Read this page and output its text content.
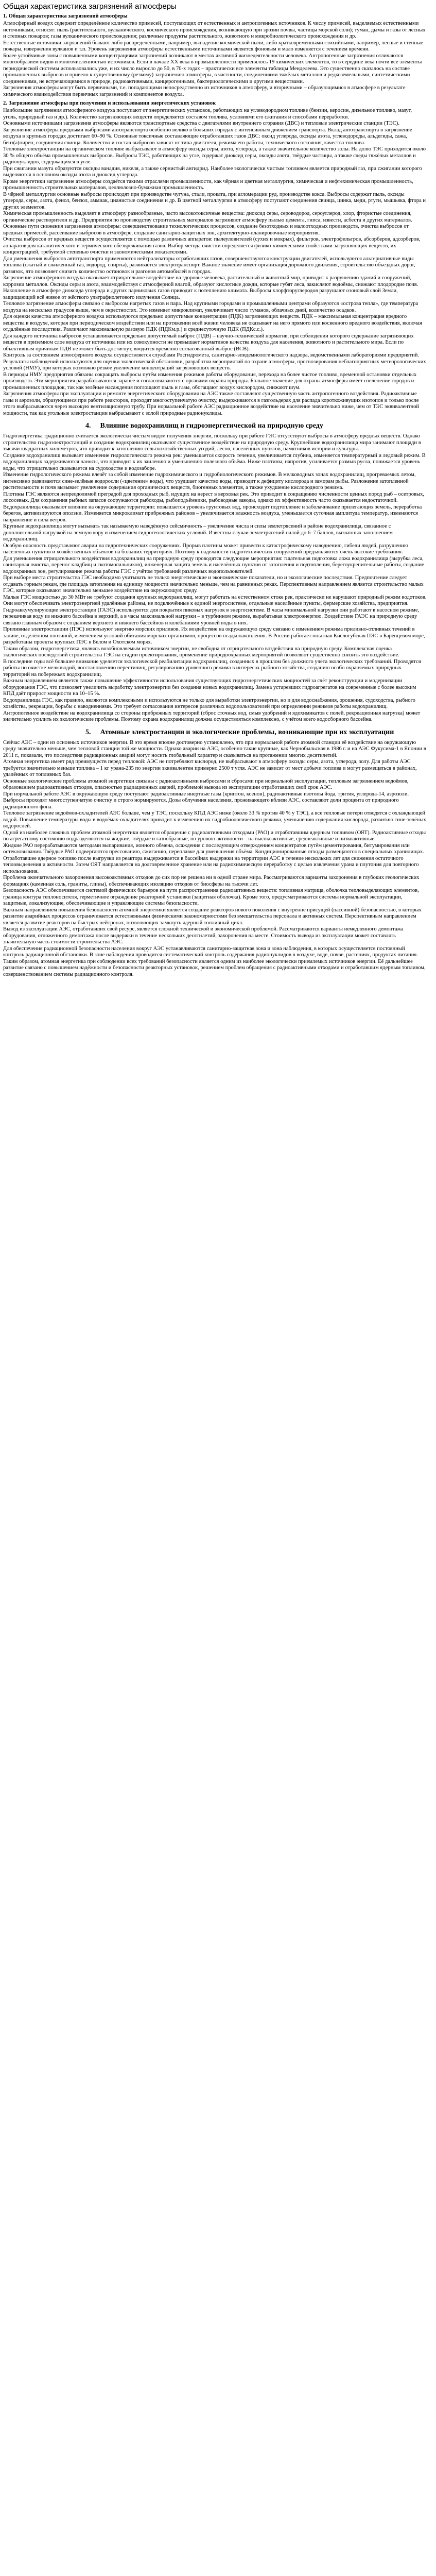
Общая характеристика загрязнений атмосферы
1. Общая характеристика загрязнений атмосферы

Атмосферный воздух содержит определённое количество примесей, поступающих от естественных и антропогенных источников. К числу примесей, выделяемых естественными источниками, относят: пыль (растительного, вулканического, космического происхождения, возникающую при эрозии почвы, частицы морской соли); туман, дымы и газы от лесных и степных пожаров; газы вулканического происхождения; различные продукты растительного, животного и микробиологического происхождения и др.

Естественные источники загрязнений бывают либо распределёнными, например, выпадение космической пыли, либо кратковременными стихийными, например, лесные и степные пожары, извержения вулканов и т.п. Уровень загрязнения атмосферы естественными источниками является фоновым и мало изменяется с течением времени.

Более устойчивые зоны с повышенными концентрациями загрязнений возникают в местах активной жизнедеятельности человека. Антропогенные загрязнения отличаются многообразием видов и многочисленностью источников. Если в начале XX века в промышленности применялось 19 химических элементов, то в середине века почти все элементы периодической системы использовались уже, и их число выросло до 50, в 70-х годах – практически все элементы таблицы Менделеева. Это существенно сказалось на составе промышленных выбросов и привело к существенному (резкому) загрязнению атмосферы, в частности, соединениями тяжёлых металлов и редкоземельными, синтетическими соединениями, не встречающимися в природе, радиоактивными, канцерогенными, бактериологическими и другими веществами.

Загрязнения атмосферы могут быть первичными, т.е. попадающими непосредственно из источников в атмосферу, и вторичными – образующимися в атмосфере в результате химического взаимодействия первичных загрязнений и компонентов воздуха.

2. Загрязнение атмосферы при получении и использовании энергетических установок

Наибольшие загрязнения атмосферного воздуха поступают от энергетических установок, работающих на углеводородном топливе (бензин, керосин, дизельное топливо, мазут, уголь, природный газ и др.). Количество загрязняющих веществ определяется составом топлива, условиями его сжигания и способами переработки.

Основными источниками загрязнения атмосферы являются транспортные средства с двигателями внутреннего сгорания (ДВС) и тепловые электрические станции (ТЭС). Загрязнение атмосферы вредными выбросами автотранспорта особенно велико в больших городах с интенсивным движением транспорта. Вклад автотранспорта в загрязнение воздуха в крупных городах достигает 60–90 %. Основные токсичные составляющие отработавших газов ДВС: оксид углерода, оксиды азота, углеводороды, альдегиды, сажа, бенз(а)пирен, соединения свинца. Количество и состав выбросов зависят от типа двигателя, режима его работы, технического состояния, качества топлива.

Тепловые электростанции на органическом топливе выбрасывают в атмосферу оксиды серы, азота, углерода, а также значительное количество золы. На долю ТЭС приходится около 30 % общего объёма промышленных выбросов. Выбросы ТЭС, работающих на угле, содержат диоксид серы, оксиды азота, твёрдые частицы, а также следы тяжёлых металлов и радионуклидов, содержащихся в угле.

При сжигании мазута образуются оксиды ванадия, никеля, а также сернистый ангидрид. Наиболее экологически чистым топливом является природный газ, при сжигании которого выделяются в основном оксиды азота и диоксид углерода.

Кроме энергетики загрязнение атмосферы создаётся такими отраслями промышленности, как чёрная и цветная металлургия, химическая и нефтехимическая промышленность, промышленность строительных материалов, целлюлозно-бумажная промышленность.

В чёрной металлургии основные выбросы происходят при производстве чугуна, стали, проката, при агломерации руд, производстве кокса. Выбросы содержат пыль, оксиды углерода, серы, азота, фенол, бензол, аммиак, цианистые соединения и др. В цветной металлургии в атмосферу поступают соединения свинца, цинка, меди, ртути, мышьяка, фтора и других элементов.

Химическая промышленность выделяет в атмосферу разнообразные, часто высокотоксичные вещества: диоксид серы, сероводород, сероуглерод, хлор, фтористые соединения, органические растворители и др. Предприятия по производству строительных материалов загрязняют атмосферу пылью цемента, гипса, извести, асбеста и других материалов.

Основные пути снижения загрязнения атмосферы: совершенствование технологических процессов, создание безотходных и малоотходных производств, очистка выбросов от вредных примесей, рассеивание выбросов в атмосфере, создание санитарно-защитных зон, архитектурно-планировочные мероприятия.

Очистка выбросов от вредных веществ осуществляется с помощью различных аппаратов: пылеуловителей (сухих и мокрых), фильтров, электрофильтров, абсорберов, адсорберов, аппаратов для каталитического и термического обезвреживания газов. Выбор метода очистки определяется физико-химическими свойствами загрязняющих веществ, их концентрацией, требуемой степенью очистки и экономическими показателями.

Для уменьшения выбросов автотранспорта применяются нейтрализаторы отработавших газов, совершенствуются конструкции двигателей, используются альтернативные виды топлива (сжатый и сжиженный газ, водород, спирты), развивается электротранспорт. Важное значение имеет организация дорожного движения, строительство объездных дорог, развязок, что позволяет снизить количество остановок и разгонов автомобилей в городах.

Загрязнение атмосферного воздуха оказывает отрицательное воздействие на здоровье человека, растительный и животный мир, приводит к разрушению зданий и сооружений, коррозии металлов. Оксиды серы и азота, взаимодействуя с атмосферной влагой, образуют кислотные дожди, которые губят леса, закисляют водоёмы, снижают плодородие почв. Накопление в атмосфере диоксида углерода и других парниковых газов приводит к потеплению климата. Выбросы хлорфторуглеродов разрушают озоновый слой Земли, защищающий всё живое от жёсткого ультрафиолетового излучения Солнца.

Тепловое загрязнение атмосферы связано с выбросом нагретых газов и пара. Над крупными городами и промышленными центрами образуются «острова тепла», где температура воздуха на несколько градусов выше, чем в окрестностях. Это изменяет микроклимат, увеличивает число туманов, облачных дней, количество осадков.

Для оценки качества атмосферного воздуха используются предельно допустимые концентрации (ПДК) загрязняющих веществ. ПДК – максимальная концентрация вредного вещества в воздухе, которая при периодическом воздействии или на протяжении всей жизни человека не оказывает на него прямого или косвенного вредного воздействия, включая отдалённые последствия. Различают максимальную разовую ПДК (ПДКм.р.) и среднесуточную ПДК (ПДКс.с.).

Для каждого источника выбросов устанавливается предельно допустимый выброс (ПДВ) – научно-технический норматив, при соблюдении которого содержание загрязняющих веществ в приземном слое воздуха от источника или их совокупности не превышает нормативов качества воздуха для населения, животного и растительного мира. Если по объективным причинам ПДВ не может быть достигнут, вводится временно согласованный выброс (ВСВ).

Контроль за состоянием атмосферного воздуха осуществляется службами Росгидромета, санитарно-эпидемиологического надзора, ведомственными лабораториями предприятий. Результаты наблюдений используются для оценки экологической обстановки, разработки мероприятий по охране атмосферы, прогнозирования неблагоприятных метеорологических условий (НМУ), при которых возможно резкое увеличение концентраций загрязняющих веществ.

В периоды НМУ предприятия обязаны сокращать выбросы путём изменения режимов работы оборудования, перехода на более чистое топливо, временной остановки отдельных производств. Эти мероприятия разрабатываются заранее и согласовываются с органами охраны природы. Большое значение для охраны атмосферы имеет озеленение городов и промышленных площадок, так как зелёные насаждения поглощают пыль и газы, обогащают воздух кислородом, снижают шум.

Загрязнения атмосферы при эксплуатации и ремонте энергетического оборудования на АЭС также составляют существенную часть антропогенного воздействия. Радиоактивные газы и аэрозоли, образующиеся при работе реакторов, проходят многоступенчатую очистку, выдерживаются в газгольдерах для распада короткоживущих изотопов и только после этого выбрасываются через высокую вентиляционную трубу. При нормальной работе АЭС радиационное воздействие на население значительно ниже, чем от ТЭС эквивалентной мощности, так как угольные электростанции выбрасывают с золой природные радионуклиды.

4. Влияние водохранилищ и гидроэнергетической на природную среду

Гидроэнергетика традиционно считается экологически чистым видом получения энергии, поскольку при работе ГЭС отсутствуют выбросы в атмосферу вредных веществ. Однако строительство гидроэлектростанций и создание водохранилищ оказывают существенное воздействие на природную среду. Крупнейшие водохранилища мира занимают площади в тысячи квадратных километров, что приводит к затоплению сельскохозяйственных угодий, лесов, населённых пунктов, памятников истории и культуры.

Создание водохранилищ вызывает изменение гидрологического режима рек: уменьшается скорость течения, увеличивается глубина, изменяется температурный и ледовый режим. В водохранилищах задерживаются наносы, что приводит к их заилению и уменьшению полезного объёма. Ниже плотины, напротив, усиливается размыв русла, понижается уровень воды, что отрицательно сказывается на судоходстве и водозаборе.

Изменение гидрологического режима влечёт за собой изменение гидрохимического и гидробиологического режимов. В мелководных зонах водохранилищ, прогреваемых летом, интенсивно развиваются сине-зелёные водоросли («цветение» воды), что ухудшает качество воды, приводит к дефициту кислорода и заморам рыбы. Разложение затопленной растительности и почв вызывает увеличение содержания органических веществ, биогенных элементов, а также ухудшение кислородного режима.

Плотины ГЭС являются непреодолимой преградой для проходных рыб, идущих на нерест в верховья рек. Это приводит к сокращению численности ценных пород рыб – осетровых, лососевых. Для сохранения рыбных запасов сооружаются рыбоходы, рыбоподъёмники, рыбоводные заводы, однако их эффективность часто оказывается недостаточной.

Водохранилища оказывают влияние на окружающие территории: повышается уровень грунтовых вод, происходит подтопление и заболачивание прилегающих земель, переработка берегов, активизируются оползни. Изменяется микроклимат прибрежных районов – увеличивается влажность воздуха, уменьшается суточная амплитуда температур, изменяются направление и сила ветров.

Крупные водохранилища могут вызывать так называемую наведённую сейсмичность – увеличение числа и силы землетрясений в районе водохранилища, связанное с дополнительной нагрузкой на земную кору и изменением гидрогеологических условий. Известны случаи землетрясений силой до 6–7 баллов, вызванных заполнением водохранилищ.

Особую опасность представляют аварии на гидротехнических сооружениях. Прорыв плотины может привести к катастрофическому наводнению, гибели людей, разрушению населённых пунктов и хозяйственных объектов на больших территориях. Поэтому к надёжности гидротехнических сооружений предъявляются очень высокие требования.

Для уменьшения отрицательного воздействия водохранилищ на природную среду проводятся следующие мероприятия: тщательная подготовка ложа водохранилища (вырубка леса, санитарная очистка, перенос кладбищ и скотомогильников), инженерная защита земель и населённых пунктов от затопления и подтопления, берегоукрепительные работы, создание водоохранных зон, регулирование режима работы ГЭС с учётом требований различных водопользователей.

При выборе места строительства ГЭС необходимо учитывать не только энергетические и экономические показатели, но и экологические последствия. Предпочтение следует отдавать горным рекам, где площадь затопления на единицу мощности значительно меньше, чем на равнинных реках. Перспективным направлением является строительство малых ГЭС, которые оказывают значительно меньшее воздействие на окружающую среду.

Малые ГЭС мощностью до 30 МВт не требуют создания крупных водохранилищ, могут работать на естественном стоке рек, практически не нарушают природный режим водотоков. Они могут обеспечивать электроэнергией удалённые районы, не подключённые к единой энергосистеме, отдельные населённые пункты, фермерские хозяйства, предприятия.

Гидроаккумулирующие электростанции (ГАЭС) используются для покрытия пиковых нагрузок в энергосистеме. В часы минимальной нагрузки они работают в насосном режиме, перекачивая воду из нижнего бассейна в верхний, а в часы максимальной нагрузки – в турбинном режиме, вырабатывая электроэнергию. Воздействие ГАЭС на природную среду связано главным образом с созданием верхнего и нижнего бассейнов и колебаниями уровней воды в них.

Приливные электростанции (ПЭС) используют энергию морских приливов. Их воздействие на окружающую среду связано с изменением режима приливно-отливных течений в заливе, отделённом плотиной, изменением условий обитания морских организмов, процессов осадконакопления. В России работает опытная Кислогубская ПЭС в Баренцевом море, разработаны проекты крупных ПЭС в Белом и Охотском морях.

Таким образом, гидроэнергетика, являясь возобновляемым источником энергии, не свободна от отрицательного воздействия на природную среду. Комплексная оценка экологических последствий строительства ГЭС на стадии проектирования, применение природоохранных мероприятий позволяют существенно снизить это воздействие.

В последние годы всё большее внимание уделяется экологической реабилитации водохранилищ, созданных в прошлом без должного учёта экологических требований. Проводятся работы по очистке мелководий, восстановлению нерестилищ, регулированию уровенного режима в интересах рыбного хозяйства, созданию особо охраняемых природных территорий на побережьях водохранилищ.

Важным направлением является также повышение эффективности использования существующих гидроэнергетических мощностей за счёт реконструкции и модернизации оборудования ГЭС, что позволяет увеличить выработку электроэнергии без создания новых водохранилищ. Замена устаревших гидроагрегатов на современные с более высоким КПД даёт прирост мощности на 10–15 %.

Водохранилища ГЭС, как правило, являются комплексными и используются не только для выработки электроэнергии, но и для водоснабжения, орошения, судоходства, рыбного хозяйства, рекреации, борьбы с наводнениями. Это требует согласования интересов различных водопользователей при определении режимов работы водохранилищ.

Антропогенное воздействие на водохранилища со стороны прибрежных территорий (сброс сточных вод, смыв удобрений и ядохимикатов с полей, рекреационная нагрузка) может значительно усилить их экологические проблемы. Поэтому охрана водохранилищ должна осуществляться комплексно, с учётом всего водосборного бассейна.

5. Атомные электростанции и экологические проблемы, возникающие при их эксплуатации

Сейчас АЭС – один из основных источников энергии. В это время вполне достоверно установлено, что при нормальной работе атомной станции её воздействие на окружающую среду значительно меньше, чем тепловой станции той же мощности. Однако аварии на АЭС, особенно такие крупные, как Чернобыльская в 1986 г. и на АЭС Фукусима-1 в Японии в 2011 г., показали, что последствия радиационных аварий могут носить глобальный характер и сказываться на протяжении многих десятилетий.

Атомная энергетика имеет ряд преимуществ перед тепловой: АЭС не потребляют кислород, не выбрасывают в атмосферу оксиды серы, азота, углерода, золу. Для работы АЭС требуется значительно меньше топлива – 1 кг урана-235 по энергии эквивалентен примерно 2500 т угля. АЭС не зависят от мест добычи топлива и могут размещаться в районах, удалённых от топливных баз.

Основные экологические проблемы атомной энергетики связаны с радиоактивными выбросами и сбросами при нормальной эксплуатации, тепловым загрязнением водоёмов, образованием радиоактивных отходов, опасностью радиационных аварий, проблемой вывода из эксплуатации отработавших свой срок АЭС.

При нормальной работе АЭС в окружающую среду поступают радиоактивные инертные газы (криптон, ксенон), радиоактивные изотопы йода, трития, углерода-14, аэрозоли. Выбросы проходят многоступенчатую очистку и строго нормируются. Дозы облучения населения, проживающего вблизи АЭС, составляют доли процента от природного радиационного фона.

Тепловое загрязнение водоёмов-охладителей АЭС больше, чем у ТЭС, поскольку КПД АЭС ниже (около 33 % против 40 % у ТЭС), а все тепловые потери отводятся с охлаждающей водой. Повышение температуры воды в водоёмах-охладителях приводит к изменению их гидробиологического режима, уменьшению содержания кислорода, развитию сине-зелёных водорослей.

Одной из наиболее сложных проблем атомной энергетики является обращение с радиоактивными отходами (РАО) и отработавшим ядерным топливом (ОЯТ). Радиоактивные отходы по агрегатному состоянию подразделяются на жидкие, твёрдые и газообразные, по уровню активности – на высокоактивные, среднеактивные и низкоактивные.

Жидкие РАО перерабатываются методами выпаривания, ионного обмена, осаждения с последующим отверждением концентратов путём цементирования, битумирования или остекловывания. Твёрдые РАО подвергаются прессованию, сжиганию, переплавке для уменьшения объёма. Кондиционированные отходы размещаются в специальных хранилищах.

Отработавшее ядерное топливо после выгрузки из реактора выдерживается в бассейнах выдержки на территории АЭС в течение нескольких лет для снижения остаточного тепловыделения и активности. Затем ОЯТ направляется на долговременное хранение или на радиохимическую переработку с целью извлечения урана и плутония для повторного использования.

Проблема окончательного захоронения высокоактивных отходов до сих пор не решена ни в одной стране мира. Рассматриваются варианты захоронения в глубоких геологических формациях (каменная соль, граниты, глины), обеспечивающих изоляцию отходов от биосферы на тысячи лет.

Безопасность АЭС обеспечивается системой физических барьеров на пути распространения радиоактивных веществ: топливная матрица, оболочка тепловыделяющих элементов, граница контура теплоносителя, герметичное ограждение реакторной установки (защитная оболочка). Кроме того, предусматриваются системы нормальной эксплуатации, защитные, локализующие, обеспечивающие и управляющие системы безопасности.

Важным направлением повышения безопасности атомной энергетики является создание реакторов нового поколения с внутренне присущей (пассивной) безопасностью, в которых развитие аварийных процессов ограничивается естественными физическими закономерностями без вмешательства персонала и активных систем. Перспективным направлением является развитие реакторов на быстрых нейтронах, позволяющих замкнуть ядерный топливный цикл.

Вывод из эксплуатации АЭС, отработавших свой ресурс, является сложной технической и экономической проблемой. Рассматриваются варианты немедленного демонтажа оборудования, отложенного демонтажа после выдержки в течение нескольких десятилетий, захоронения на месте. Стоимость вывода из эксплуатации может составлять значительную часть стоимости строительства АЭС.

Для обеспечения радиационной безопасности населения вокруг АЭС устанавливаются санитарно-защитная зона и зона наблюдения, в которых осуществляется постоянный контроль радиационной обстановки. В зоне наблюдения проводится систематический контроль содержания радионуклидов в воздухе, воде, почве, растениях, продуктах питания.

Таким образом, атомная энергетика при соблюдении всех требований безопасности является одним из наиболее экологически приемлемых источников энергии. Её дальнейшее развитие связано с повышением надёжности и безопасности реакторных установок, решением проблем обращения с радиоактивными отходами и отработавшим ядерным топливом, совершенствованием системы радиационного контроля.
